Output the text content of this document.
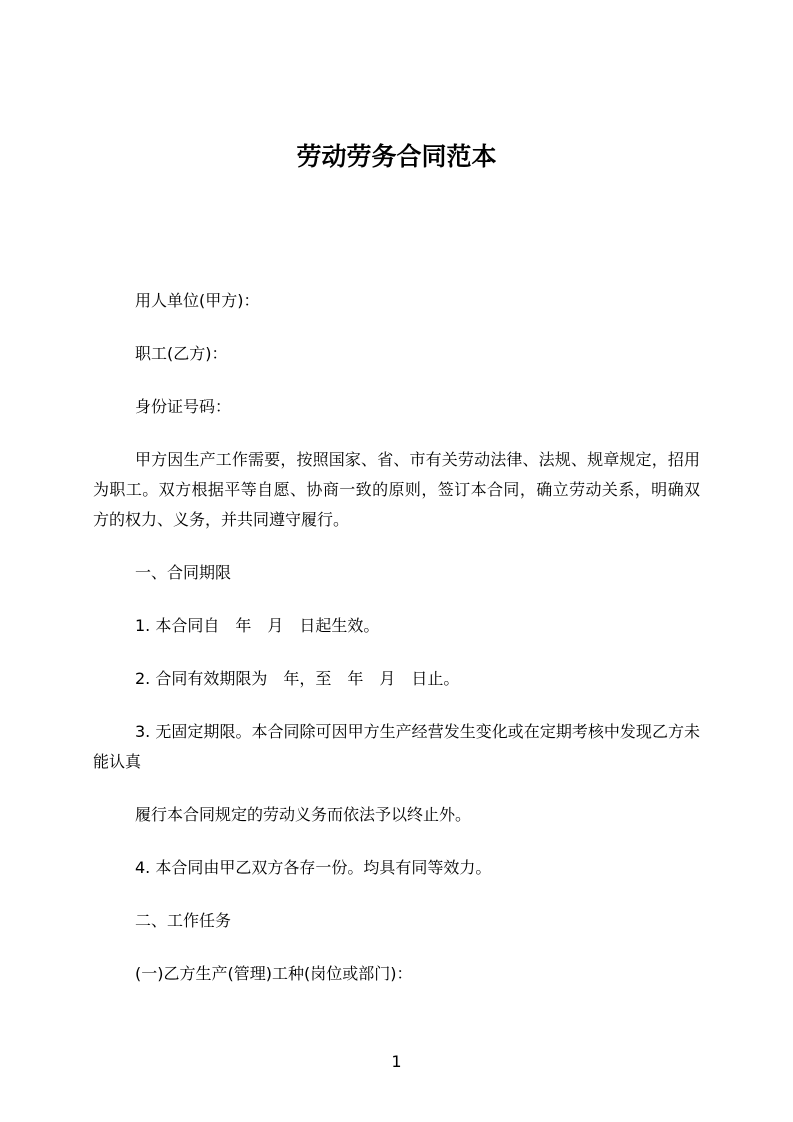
劳动劳务合同范本

用人单位(甲方)：

职工(乙方)：

身份证号码：

甲方因生产工作需要，按照国家、省、市有关劳动法律、法规、规章规定，招用为职工。双方根据平等自愿、协商一致的原则，签订本合同，确立劳动关系，明确双方的权力、义务，并共同遵守履行。

一、合同期限

1. 本合同自　年　月　日起生效。

2. 合同有效期限为　年，至　年　月　日止。

3. 无固定期限。本合同除可因甲方生产经营发生变化或在定期考核中发现乙方未能认真

履行本合同规定的劳动义务而依法予以终止外。

4. 本合同由甲乙双方各存一份。均具有同等效力。

二、工作任务

(一)乙方生产(管理)工种(岗位或部门)：

1
